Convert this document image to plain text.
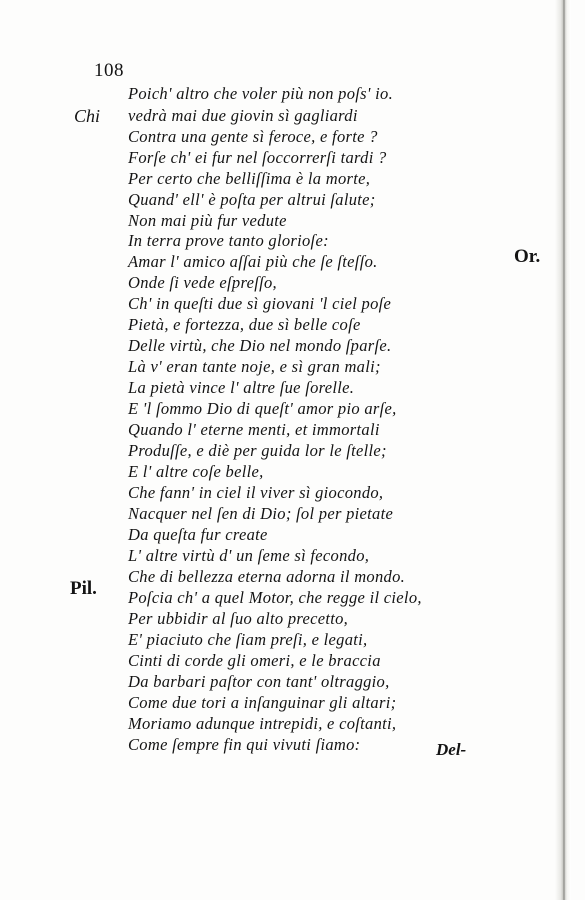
108
Chi
Or.
Pil.
Poich' altro che voler più non poſs' io.
vedrà mai due giovin sì gagliardi
Contra una gente sì feroce, e forte ?
Forſe ch' ei fur nel ſoccorrerſi tardi ?
Per certo che belliſſima è la morte,
Quand' ell' è poſta per altrui ſalute;
Non mai più fur vedute
In terra prove tanto glorioſe:
Amar l' amico aſſai più che ſe ſteſſo.
Onde ſi vede eſpreſſo,
Ch' in queſti due sì giovani 'l ciel poſe
Pietà, e fortezza, due sì belle coſe
Delle virtù, che Dio nel mondo ſparſe.
Là v' eran tante noje, e sì gran mali;
La pietà vince l' altre ſue ſorelle.
E 'l ſommo Dio di queſt' amor pio arſe,
Quando l' eterne menti, et immortali
Produſſe, e diè per guida lor le ſtelle;
E l' altre coſe belle,
Che fann' in ciel il viver sì giocondo,
Nacquer nel ſen di Dio; ſol per pietate
Da queſta fur create
L' altre virtù d' un ſeme sì fecondo,
Che di bellezza eterna adorna il mondo.
Poſcia ch' a quel Motor, che regge il cielo,
Per ubbidir al ſuo alto precetto,
E' piaciuto che ſiam preſi, e legati,
Cinti di corde gli omeri, e le braccia
Da barbari paſtor con tant' oltraggio,
Come due tori a inſanguinar gli altari;
Moriamo adunque intrepidi, e coſtanti,
Come ſempre fin qui vivuti ſiamo:	Del-
